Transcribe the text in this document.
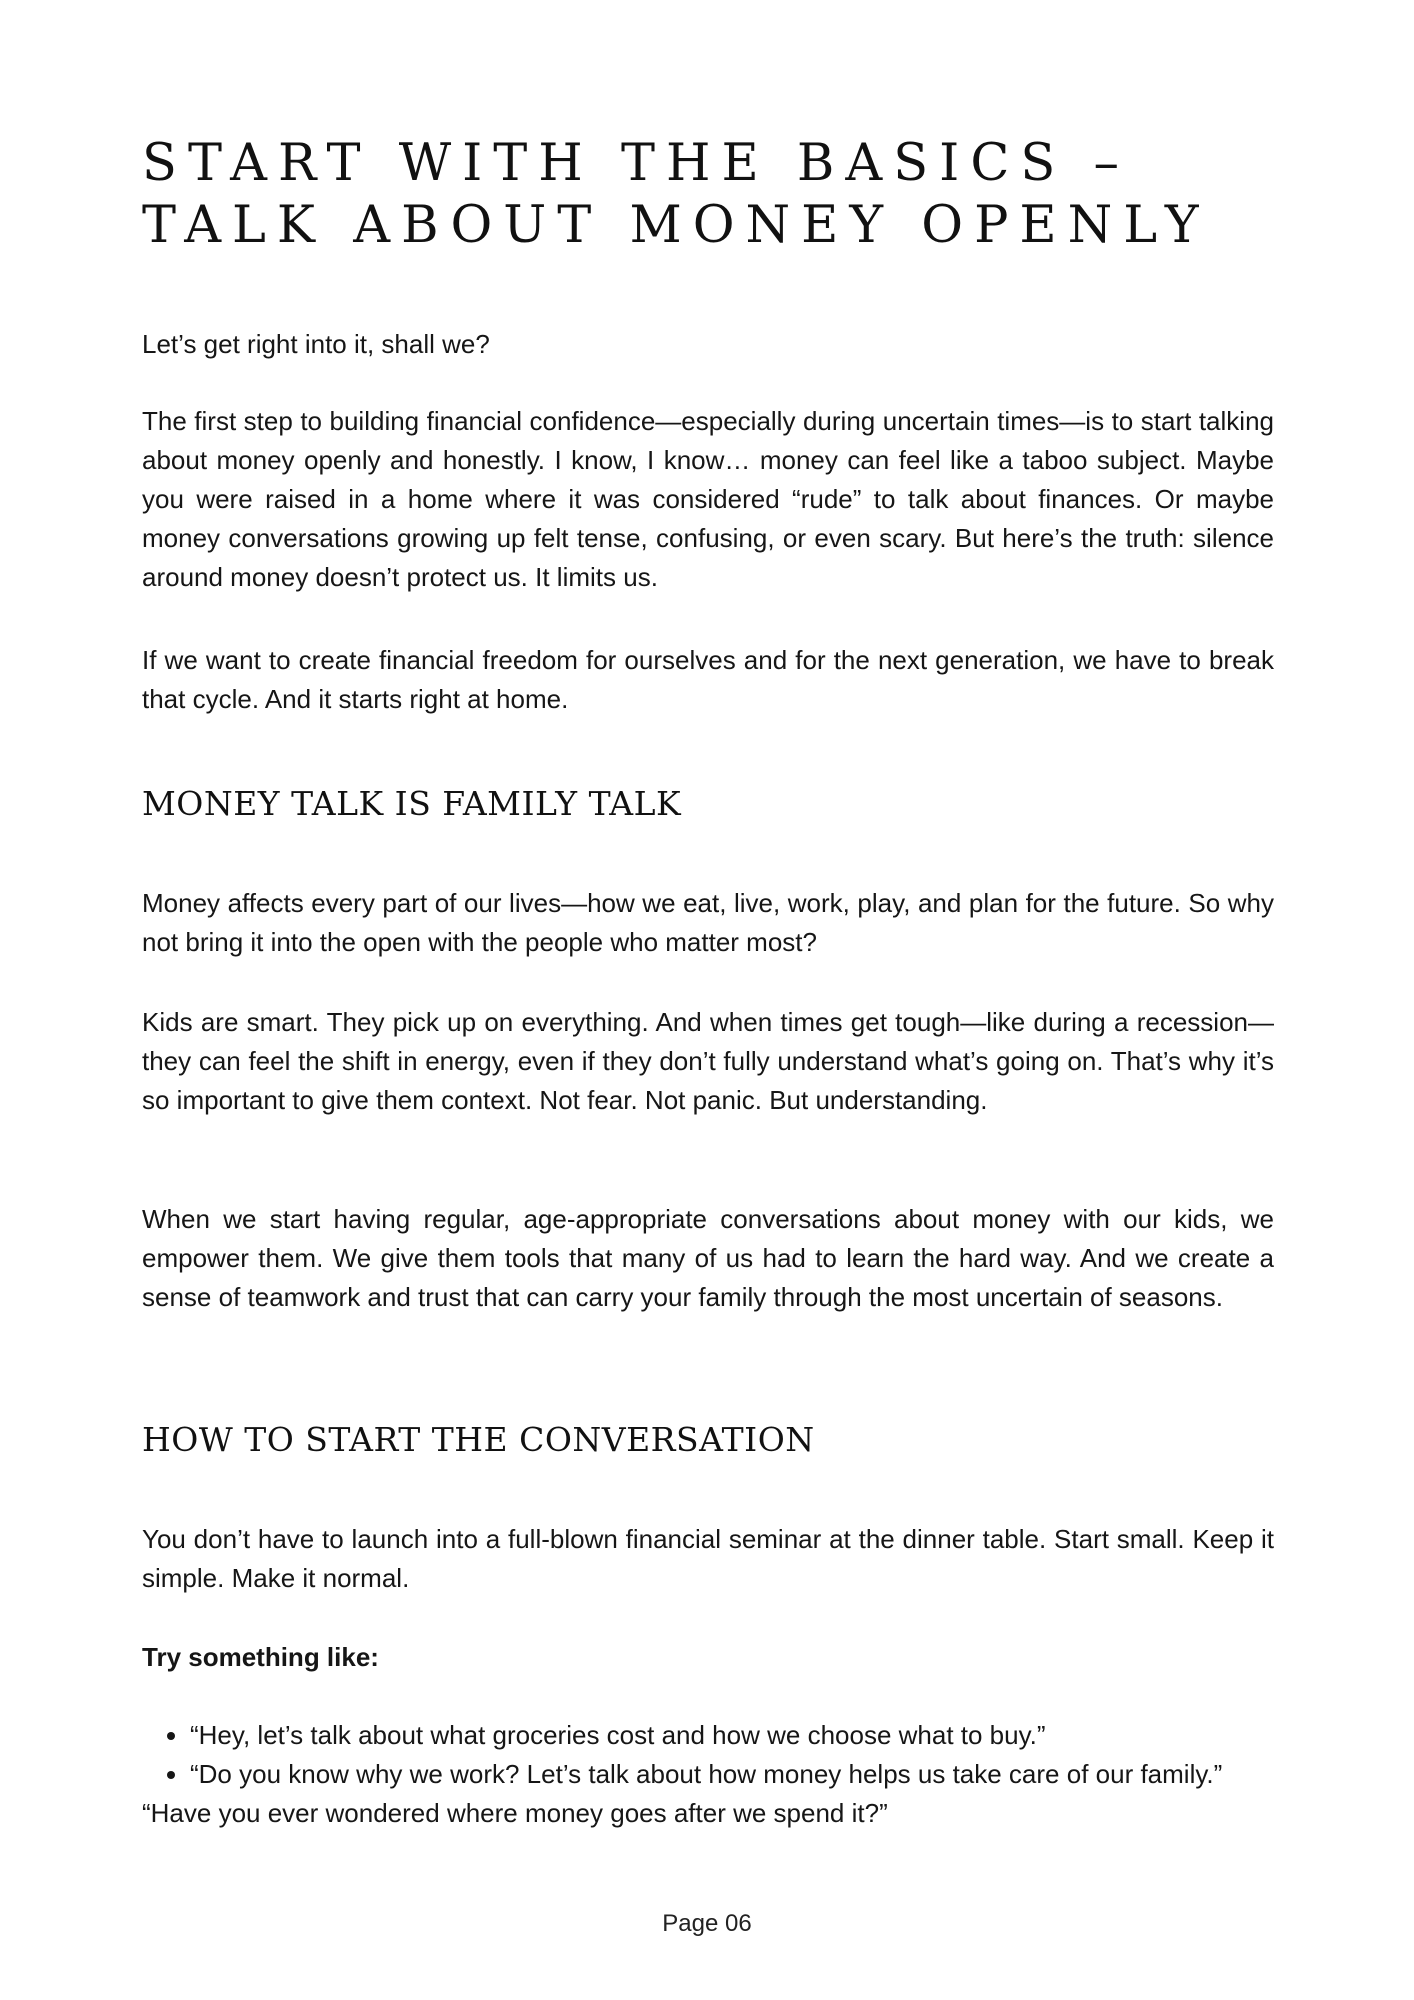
START WITH THE BASICS – TALK ABOUT MONEY OPENLY

Let’s get right into it, shall we?

The first step to building financial confidence—especially during uncertain times—is to start talking about money openly and honestly. I know, I know… money can feel like a taboo subject. Maybe you were raised in a home where it was considered “rude” to talk about finances. Or maybe money conversations growing up felt tense, confusing, or even scary. But here’s the truth: silence around money doesn’t protect us. It limits us.

If we want to create financial freedom for ourselves and for the next generation, we have to break that cycle. And it starts right at home.

MONEY TALK IS FAMILY TALK

Money affects every part of our lives—how we eat, live, work, play, and plan for the future. So why not bring it into the open with the people who matter most?

Kids are smart. They pick up on everything. And when times get tough—like during a recession—they can feel the shift in energy, even if they don’t fully understand what’s going on. That’s why it’s so important to give them context. Not fear. Not panic. But understanding.

When we start having regular, age-appropriate conversations about money with our kids, we empower them. We give them tools that many of us had to learn the hard way. And we create a sense of teamwork and trust that can carry your family through the most uncertain of seasons.

HOW TO START THE CONVERSATION

You don’t have to launch into a full-blown financial seminar at the dinner table. Start small. Keep it simple. Make it normal.

Try something like:

• “Hey, let’s talk about what groceries cost and how we choose what to buy.”
• “Do you know why we work? Let’s talk about how money helps us take care of our family.”

“Have you ever wondered where money goes after we spend it?”

Page 06
